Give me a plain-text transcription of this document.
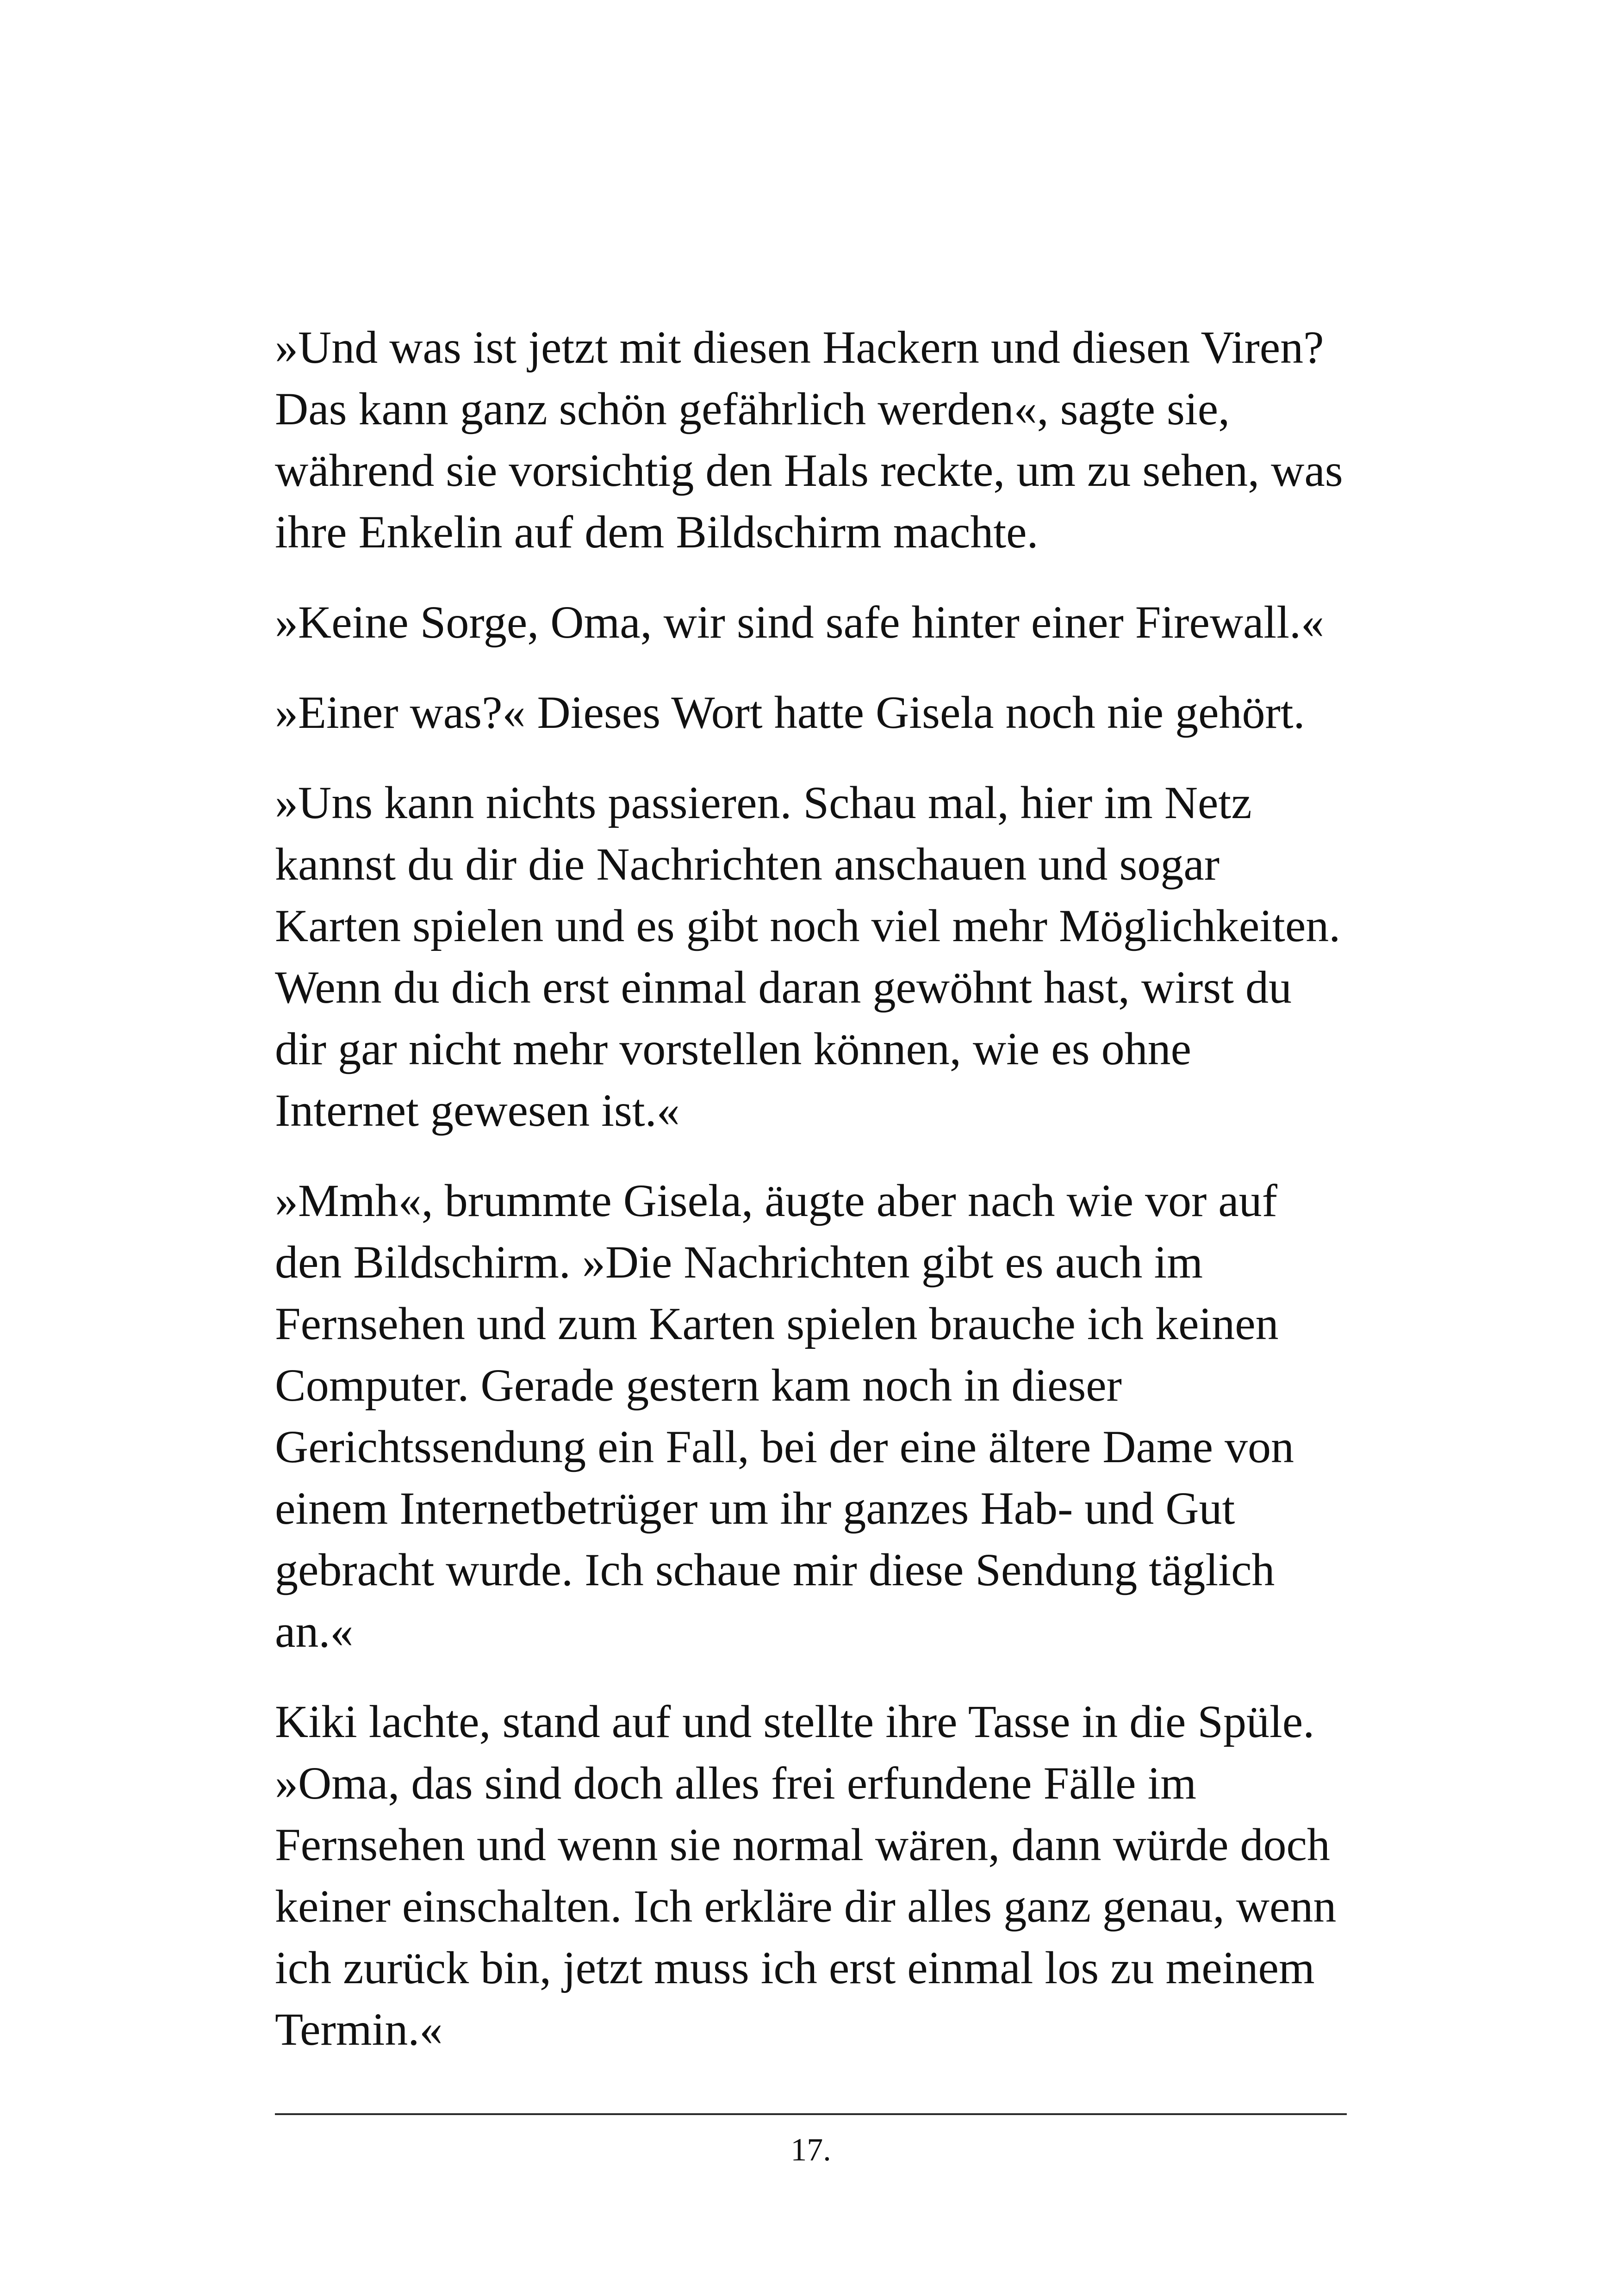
»Und was ist jetzt mit diesen Hackern und diesen Viren?
Das kann ganz schön gefährlich werden«, sagte sie,
während sie vorsichtig den Hals reckte, um zu sehen, was
ihre Enkelin auf dem Bildschirm machte.

»Keine Sorge, Oma, wir sind safe hinter einer Firewall.«

»Einer was?« Dieses Wort hatte Gisela noch nie gehört.

»Uns kann nichts passieren. Schau mal, hier im Netz
kannst du dir die Nachrichten anschauen und sogar
Karten spielen und es gibt noch viel mehr Möglichkeiten.
Wenn du dich erst einmal daran gewöhnt hast, wirst du
dir gar nicht mehr vorstellen können, wie es ohne
Internet gewesen ist.«

»Mmh«, brummte Gisela, äugte aber nach wie vor auf
den Bildschirm. »Die Nachrichten gibt es auch im
Fernsehen und zum Karten spielen brauche ich keinen
Computer. Gerade gestern kam noch in dieser
Gerichtssendung ein Fall, bei der eine ältere Dame von
einem Internetbetrüger um ihr ganzes Hab- und Gut
gebracht wurde. Ich schaue mir diese Sendung täglich
an.«

Kiki lachte, stand auf und stellte ihre Tasse in die Spüle.
»Oma, das sind doch alles frei erfundene Fälle im
Fernsehen und wenn sie normal wären, dann würde doch
keiner einschalten. Ich erkläre dir alles ganz genau, wenn
ich zurück bin, jetzt muss ich erst einmal los zu meinem
Termin.«

17.
